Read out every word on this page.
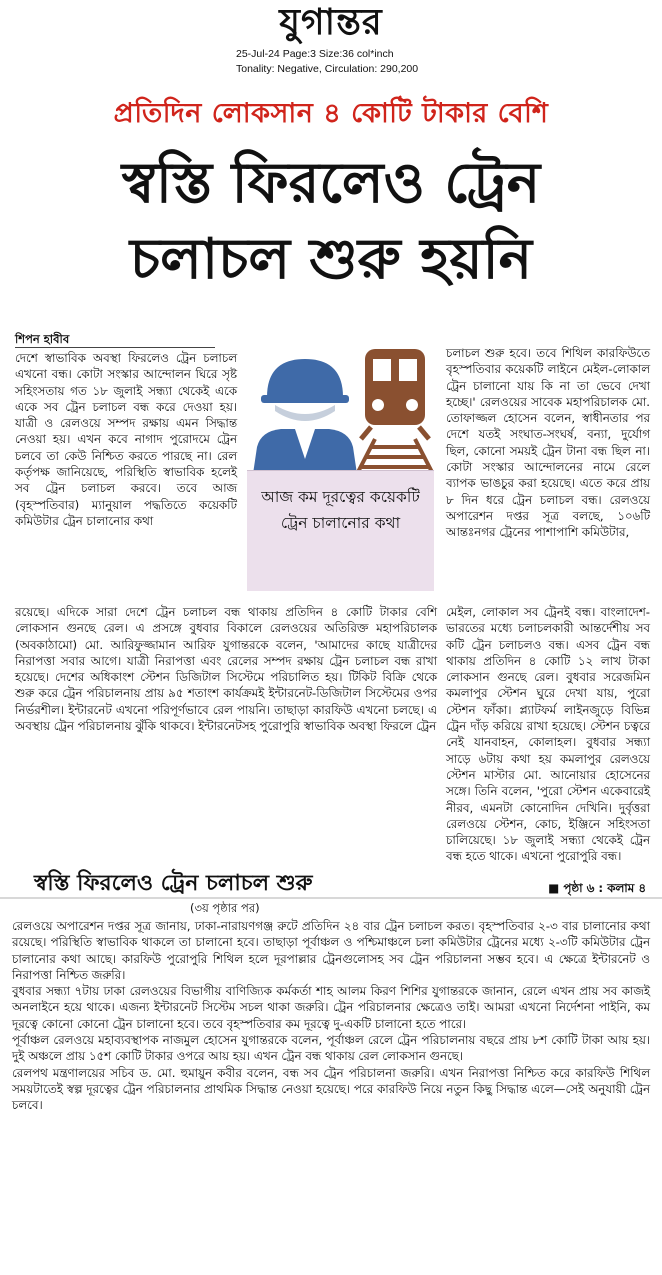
যুগান্তর
25-Jul-24 Page:3 Size:36 col*inch
Tonality: Negative, Circulation: 290,200
প্রতিদিন লোকসান ৪ কোটি টাকার বেশি
স্বস্তি ফিরলেও ট্রেন
চলাচল শুরু হয়নি
শিপন হাবীব

দেশে স্বাভাবিক অবস্থা ফিরলেও ট্রেন চলাচল এখনো বন্ধ। কোটা সংস্কার আন্দোলন ঘিরে সৃষ্ট সহিংসতায় গত ১৮ জুলাই সন্ধ্যা থেকেই একে একে সব ট্রেন চলাচল বন্ধ করে দেওয়া হয়। যাত্রী ও রেলওয়ে সম্পদ রক্ষায় এমন সিদ্ধান্ত নেওয়া হয়। এখন কবে নাগাদ পুরোদমে ট্রেন চলবে তা কেউ নিশ্চিত করতে পারছে না। রেল কর্তৃপক্ষ জানিয়েছে, পরিস্থিতি স্বাভাবিক হলেই সব ট্রেন চলাচল করবে। তবে আজ (বৃহস্পতিবার) ম্যানুয়াল পদ্ধতিতে কয়েকটি কমিউটার ট্রেন চালানোর কথা

আজ কম দূরত্বের কয়েকটি ট্রেন চালানোর কথা

চলাচল শুরু হবে। তবে শিথিল কারফিউতে বৃহস্পতিবার কয়েকটি লাইনে মেইল-লোকাল ট্রেন চালানো যায় কি না তা ভেবে দেখা হচ্ছে।' রেলওয়ের সাবেক মহাপরিচালক মো. তোফাজ্জল হোসেন বলেন, স্বাধীনতার পর দেশে যতই সংঘাত-সংঘর্ষ, বন্যা, দুর্যোগ ছিল, কোনো সময়ই ট্রেন টানা বন্ধ ছিল না। কোটা সংস্কার আন্দোলনের নামে রেলে ব্যাপক ভাঙচুর করা হয়েছে। এতে করে প্রায় ৮ দিন ধরে ট্রেন চলাচল বন্ধ। রেলওয়ে অপারেশন দপ্তর সূত্র বলছে, ১০৬টি আন্তঃনগর ট্রেনের পাশাপাশি কমিউটার,

রয়েছে। এদিকে সারা দেশে ট্রেন চলাচল বন্ধ থাকায় প্রতিদিন ৪ কোটি টাকার বেশি লোকসান গুনছে রেল। এ প্রসঙ্গে বুধবার বিকালে রেলওয়ের অতিরিক্ত মহাপরিচালক (অবকাঠামো) মো. আরিফুজ্জামান আরিফ যুগান্তরকে বলেন, 'আমাদের কাছে যাত্রীদের নিরাপত্তা সবার আগে। যাত্রী নিরাপত্তা এবং রেলের সম্পদ রক্ষায় ট্রেন চলাচল বন্ধ রাখা হয়েছে। দেশের অধিকাংশ স্টেশন ডিজিটাল সিস্টেমে পরিচালিত হয়। টিকিট বিক্রি থেকে শুরু করে ট্রেন পরিচালনায় প্রায় ৯৫ শতাংশ কার্যক্রমই ইন্টারনেট-ডিজিটাল সিস্টেমের ওপর নির্ভরশীল। ইন্টারনেট এখনো পরিপূর্ণভাবে রেল পায়নি। তাছাড়া কারফিউ এখনো চলছে। এ অবস্থায় ট্রেন পরিচালনায় ঝুঁকি থাকবে। ইন্টারনেটসহ পুরোপুরি স্বাভাবিক অবস্থা ফিরলে ট্রেন

মেইল, লোকাল সব ট্রেনই বন্ধ। বাংলাদেশ-ভারতের মধ্যে চলাচলকারী আন্তর্দেশীয় সব কটি ট্রেন চলাচলও বন্ধ। এসব ট্রেন বন্ধ থাকায় প্রতিদিন ৪ কোটি ১২ লাখ টাকা লোকসান গুনছে রেল। বুধবার সরেজমিন কমলাপুর স্টেশন ঘুরে দেখা যায়, পুরো স্টেশন ফাঁকা। প্ল্যাটফর্ম লাইনজুড়ে বিভিন্ন ট্রেন দাঁড় করিয়ে রাখা হয়েছে। স্টেশন চত্বরে নেই যানবাহন, কোলাহল। বুধবার সন্ধ্যা সাড়ে ৬টায় কথা হয় কমলাপুর রেলওয়ে স্টেশন মাস্টার মো. আনোয়ার হোসেনের সঙ্গে। তিনি বলেন, 'পুরো স্টেশন একেবারেই নীরব, এমনটা কোনোদিন দেখিনি। দুর্বৃত্তরা রেলওয়ে স্টেশন, কোচ, ইঞ্জিনে সহিংসতা চালিয়েছে। ১৮ জুলাই সন্ধ্যা থেকেই ট্রেন বন্ধ হতে থাকে। এখনো পুরোপুরি বন্ধ।

■ পৃষ্ঠা ৬ : কলাম ৪
স্বস্তি ফিরলেও ট্রেন চলাচল শুরু
(৩য় পৃষ্ঠার পর)

রেলওয়ে অপারেশন দপ্তর সূত্র জানায়, ঢাকা-নারায়ণগঞ্জ রুটে প্রতিদিন ২৪ বার ট্রেন চলাচল করত। বৃহস্পতিবার ২-৩ বার চালানোর কথা রয়েছে। পরিস্থিতি স্বাভাবিক থাকলে তা চালানো হবে। তাছাড়া পূর্বাঞ্চল ও পশ্চিমাঞ্চলে চলা কমিউটার ট্রেনের মধ্যে ২-৩টি কমিউটার ট্রেন চালানোর কথা আছে। কারফিউ পুরোপুরি শিথিল হলে দূরপাল্লার ট্রেনগুলোসহ সব ট্রেন পরিচালনা সম্ভব হবে। এ ক্ষেত্রে ইন্টারনেট ও নিরাপত্তা নিশ্চিত জরুরি।

বুধবার সন্ধ্যা ৭টায় ঢাকা রেলওয়ের বিভাগীয় বাণিজ্যিক কর্মকর্তা শাহ আলম কিরণ শিশির যুগান্তরকে জানান, রেলে এখন প্রায় সব কাজই অনলাইনে হয়ে থাকে। এজন্য ইন্টারনেট সিস্টেম সচল থাকা জরুরি। ট্রেন পরিচালনার ক্ষেত্রেও তাই। আমরা এখনো নির্দেশনা পাইনি, কম দূরত্বে কোনো কোনো ট্রেন চালানো হবে। তবে বৃহস্পতিবার কম দূরত্বে দু-একটি চালানো হতে পারে।

পূর্বাঞ্চল রেলওয়ে মহাব্যবস্থাপক নাজমুল হোসেন যুগান্তরকে বলেন, পূর্বাঞ্চল রেলে ট্রেন পরিচালনায় বছরে প্রায় ৮শ কোটি টাকা আয় হয়। দুই অঞ্চলে প্রায় ১৫শ কোটি টাকার ওপরে আয় হয়। এখন ট্রেন বন্ধ থাকায় রেল লোকসান গুনছে।

রেলপথ মন্ত্রণালয়ের সচিব ড. মো. হুমায়ুন কবীর বলেন, বন্ধ সব ট্রেন পরিচালনা জরুরি। এখন নিরাপত্তা নিশ্চিত করে কারফিউ শিথিল সময়টাতেই স্বল্প দূরত্বের ট্রেন পরিচালনার প্রাথমিক সিদ্ধান্ত নেওয়া হয়েছে। পরে কারফিউ নিয়ে নতুন কিছু সিদ্ধান্ত এলে—সেই অনুযায়ী ট্রেন চলবে।
